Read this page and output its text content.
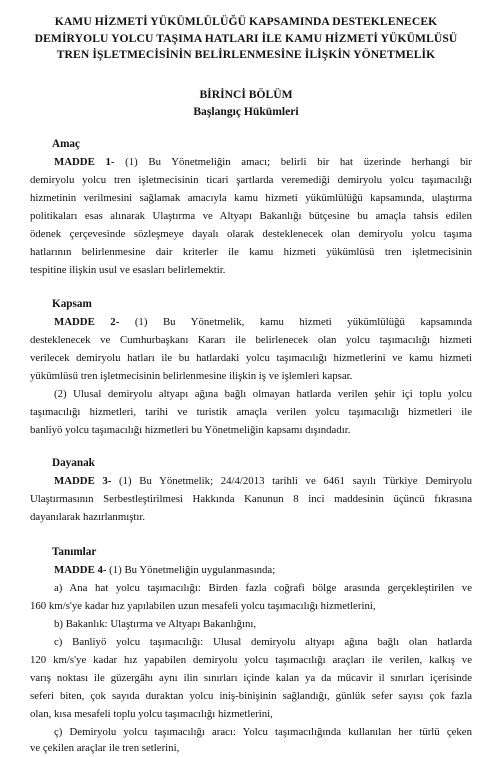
KAMU HİZMETİ YÜKÜMLÜLÜĞÜ KAPSAMINDA DESTEKLENECEK
DEMİRYOLU YOLCU TAŞIMA HATLARI İLE KAMU HİZMETİ YÜKÜMLÜSÜ
TREN İŞLETMECİSİNİN BELİRLENMESİNE İLİŞKİN YÖNETMELİK
BİRİNCİ BÖLÜM
Başlangıç Hükümleri
Amaç
MADDE 1- (1) Bu Yönetmeliğin amacı; belirli bir hat üzerinde herhangi bir
demiryolu yolcu tren işletmecisinin ticari şartlarda veremediği demiryolu yolcu taşımacılığı
hizmetinin verilmesini sağlamak amacıyla kamu hizmeti yükümlülüğü kapsamında, ulaştırma
politikaları esas alınarak Ulaştırma ve Altyapı Bakanlığı bütçesine bu amaçla tahsis edilen
ödenek çerçevesinde sözleşmeye dayalı olarak desteklenecek olan demiryolu yolcu taşıma
hatlarının belirlenmesine dair kriterler ile kamu hizmeti yükümlüsü tren işletmecisinin
tespitine ilişkin usul ve esasları belirlemektir.
Kapsam
MADDE 2- (1) Bu Yönetmelik, kamu hizmeti yükümlülüğü kapsamında
desteklenecek ve Cumhurbaşkanı Kararı ile belirlenecek olan yolcu taşımacılığı hizmeti
verilecek demiryolu hatları ile bu hatlardaki yolcu taşımacılığı hizmetlerini ve kamu hizmeti
yükümlüsü tren işletmecisinin belirlenmesine ilişkin iş ve işlemleri kapsar.
(2) Ulusal demiryolu altyapı ağına bağlı olmayan hatlarda verilen şehir içi toplu yolcu
taşımacılığı hizmetleri, tarihi ve turistik amaçla verilen yolcu taşımacılığı hizmetleri ile
banliyö yolcu taşımacılığı hizmetleri bu Yönetmeliğin kapsamı dışındadır.
Dayanak
MADDE 3- (1) Bu Yönetmelik; 24/4/2013 tarihli ve 6461 sayılı Türkiye Demiryolu
Ulaştırmasının Serbestleştirilmesi Hakkında Kanunun 8 inci maddesinin üçüncü fıkrasına
dayanılarak hazırlanmıştır.
Tanımlar
MADDE 4- (1) Bu Yönetmeliğin uygulanmasında;
a) Ana hat yolcu taşımacılığı: Birden fazla coğrafi bölge arasında gerçekleştirilen ve
160 km/s'ye kadar hız yapılabilen uzun mesafeli yolcu taşımacılığı hizmetlerini,
b) Bakanlık: Ulaştırma ve Altyapı Bakanlığını,
c) Banliyö yolcu taşımacılığı: Ulusal demiryolu altyapı ağına bağlı olan hatlarda
120 km/s'ye kadar hız yapabilen demiryolu yolcu taşımacılığı araçları ile verilen, kalkış ve
varış noktası ile güzergâhı aynı ilin sınırları içinde kalan ya da mücavir il sınırları içerisinde
seferi biten, çok sayıda duraktan yolcu iniş-binişinin sağlandığı, günlük sefer sayısı çok fazla
olan, kısa mesafeli toplu yolcu taşımacılığı hizmetlerini,
ç) Demiryolu yolcu taşımacılığı aracı: Yolcu taşımacılığında kullanılan her türlü çeken
ve çekilen araçlar ile tren setlerini,
